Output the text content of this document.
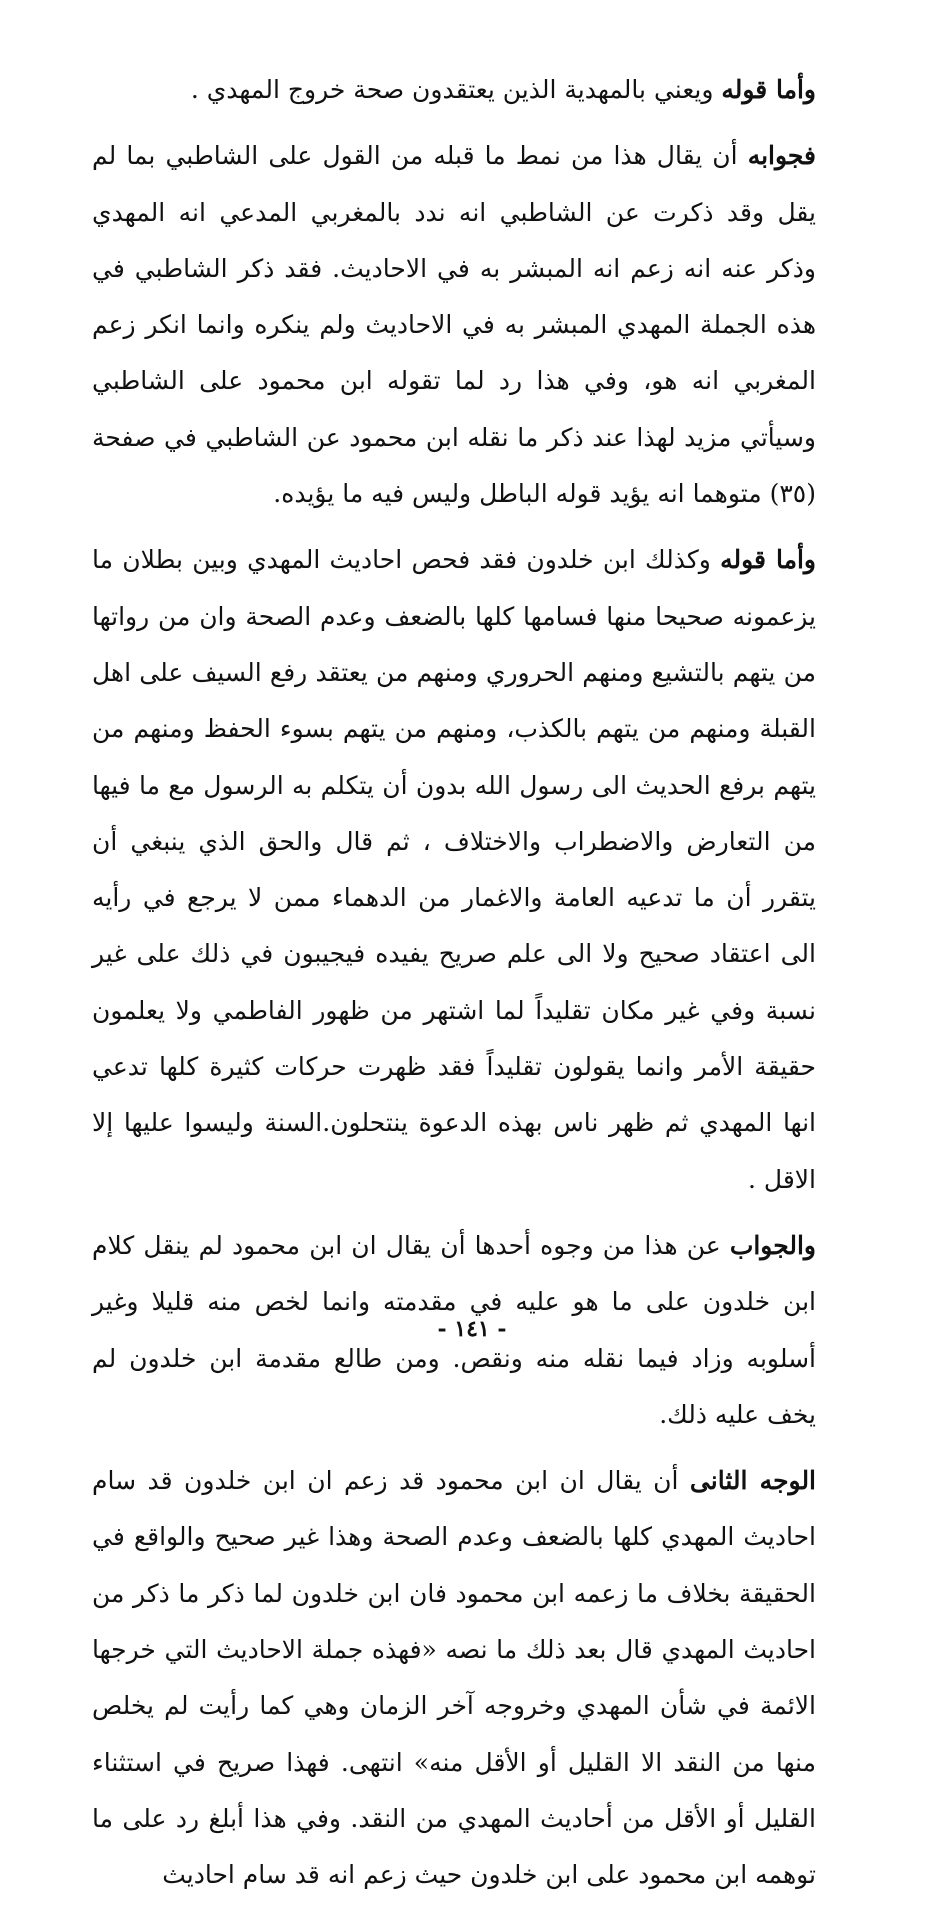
وأما قوله ويعني بالمهدية الذين يعتقدون صحة خروج المهدي .

فجوابه أن يقال هذا من نمط ما قبله من القول على الشاطبي بما لم يقل وقد ذكرت عن الشاطبي انه ندد بالمغربي المدعي انه المهدي وذكر عنه انه زعم انه المبشر به في الاحاديث. فقد ذكر الشاطبي في هذه الجملة المهدي المبشر به في الاحاديث ولم ينكره وانما انكر زعم المغربي انه هو، وفي هذا رد لما تقوله ابن محمود على الشاطبي وسيأتي مزيد لهذا عند ذكر ما نقله ابن محمود عن الشاطبي في صفحة (٣٥) متوهما انه يؤيد قوله الباطل وليس فيه ما يؤيده.

وأما قوله وكذلك ابن خلدون فقد فحص احاديث المهدي وبين بطلان ما يزعمونه صحيحا منها فسامها كلها بالضعف وعدم الصحة وان من رواتها من يتهم بالتشيع ومنهم الحروري ومنهم من يعتقد رفع السيف على اهل القبلة ومنهم من يتهم بالكذب، ومنهم من يتهم بسوء الحفظ ومنهم من يتهم برفع الحديث الى رسول الله بدون أن يتكلم به الرسول مع ما فيها من التعارض والاضطراب والاختلاف ، ثم قال والحق الذي ينبغي أن يتقرر أن ما تدعيه العامة والاغمار من الدهماء ممن لا يرجع في رأيه الى اعتقاد صحيح ولا الى علم صريح يفيده فيجيبون في ذلك على غير نسبة وفي غير مكان تقليداً لما اشتهر من ظهور الفاطمي ولا يعلمون حقيقة الأمر وانما يقولون تقليداً فقد ظهرت حركات كثيرة كلها تدعي انها المهدي ثم ظهر ناس بهذه الدعوة ينتحلون.السنة وليسوا عليها إلا الاقل .

والجواب عن هذا من وجوه أحدها أن يقال ان ابن محمود لم ينقل كلام ابن خلدون على ما هو عليه في مقدمته وانما لخص منه قليلا وغير أسلوبه وزاد فيما نقله منه ونقص. ومن طالع مقدمة ابن خلدون لم يخف عليه ذلك.

الوجه الثانى أن يقال ان ابن محمود قد زعم ان ابن خلدون قد سام احاديث المهدي كلها بالضعف وعدم الصحة وهذا غير صحيح والواقع في الحقيقة بخلاف ما زعمه ابن محمود فان ابن خلدون لما ذكر ما ذكر من احاديث المهدي قال بعد ذلك ما نصه «فهذه جملة الاحاديث التي خرجها الائمة في شأن المهدي وخروجه آخر الزمان وهي كما رأيت لم يخلص منها من النقد الا القليل أو الأقل منه» انتهى. فهذا صريح في استثناء القليل أو الأقل من أحاديث المهدي من النقد. وفي هذا أبلغ رد على ما توهمه ابن محمود على ابن خلدون حيث زعم انه قد سام احاديث

- ١٤١ -
